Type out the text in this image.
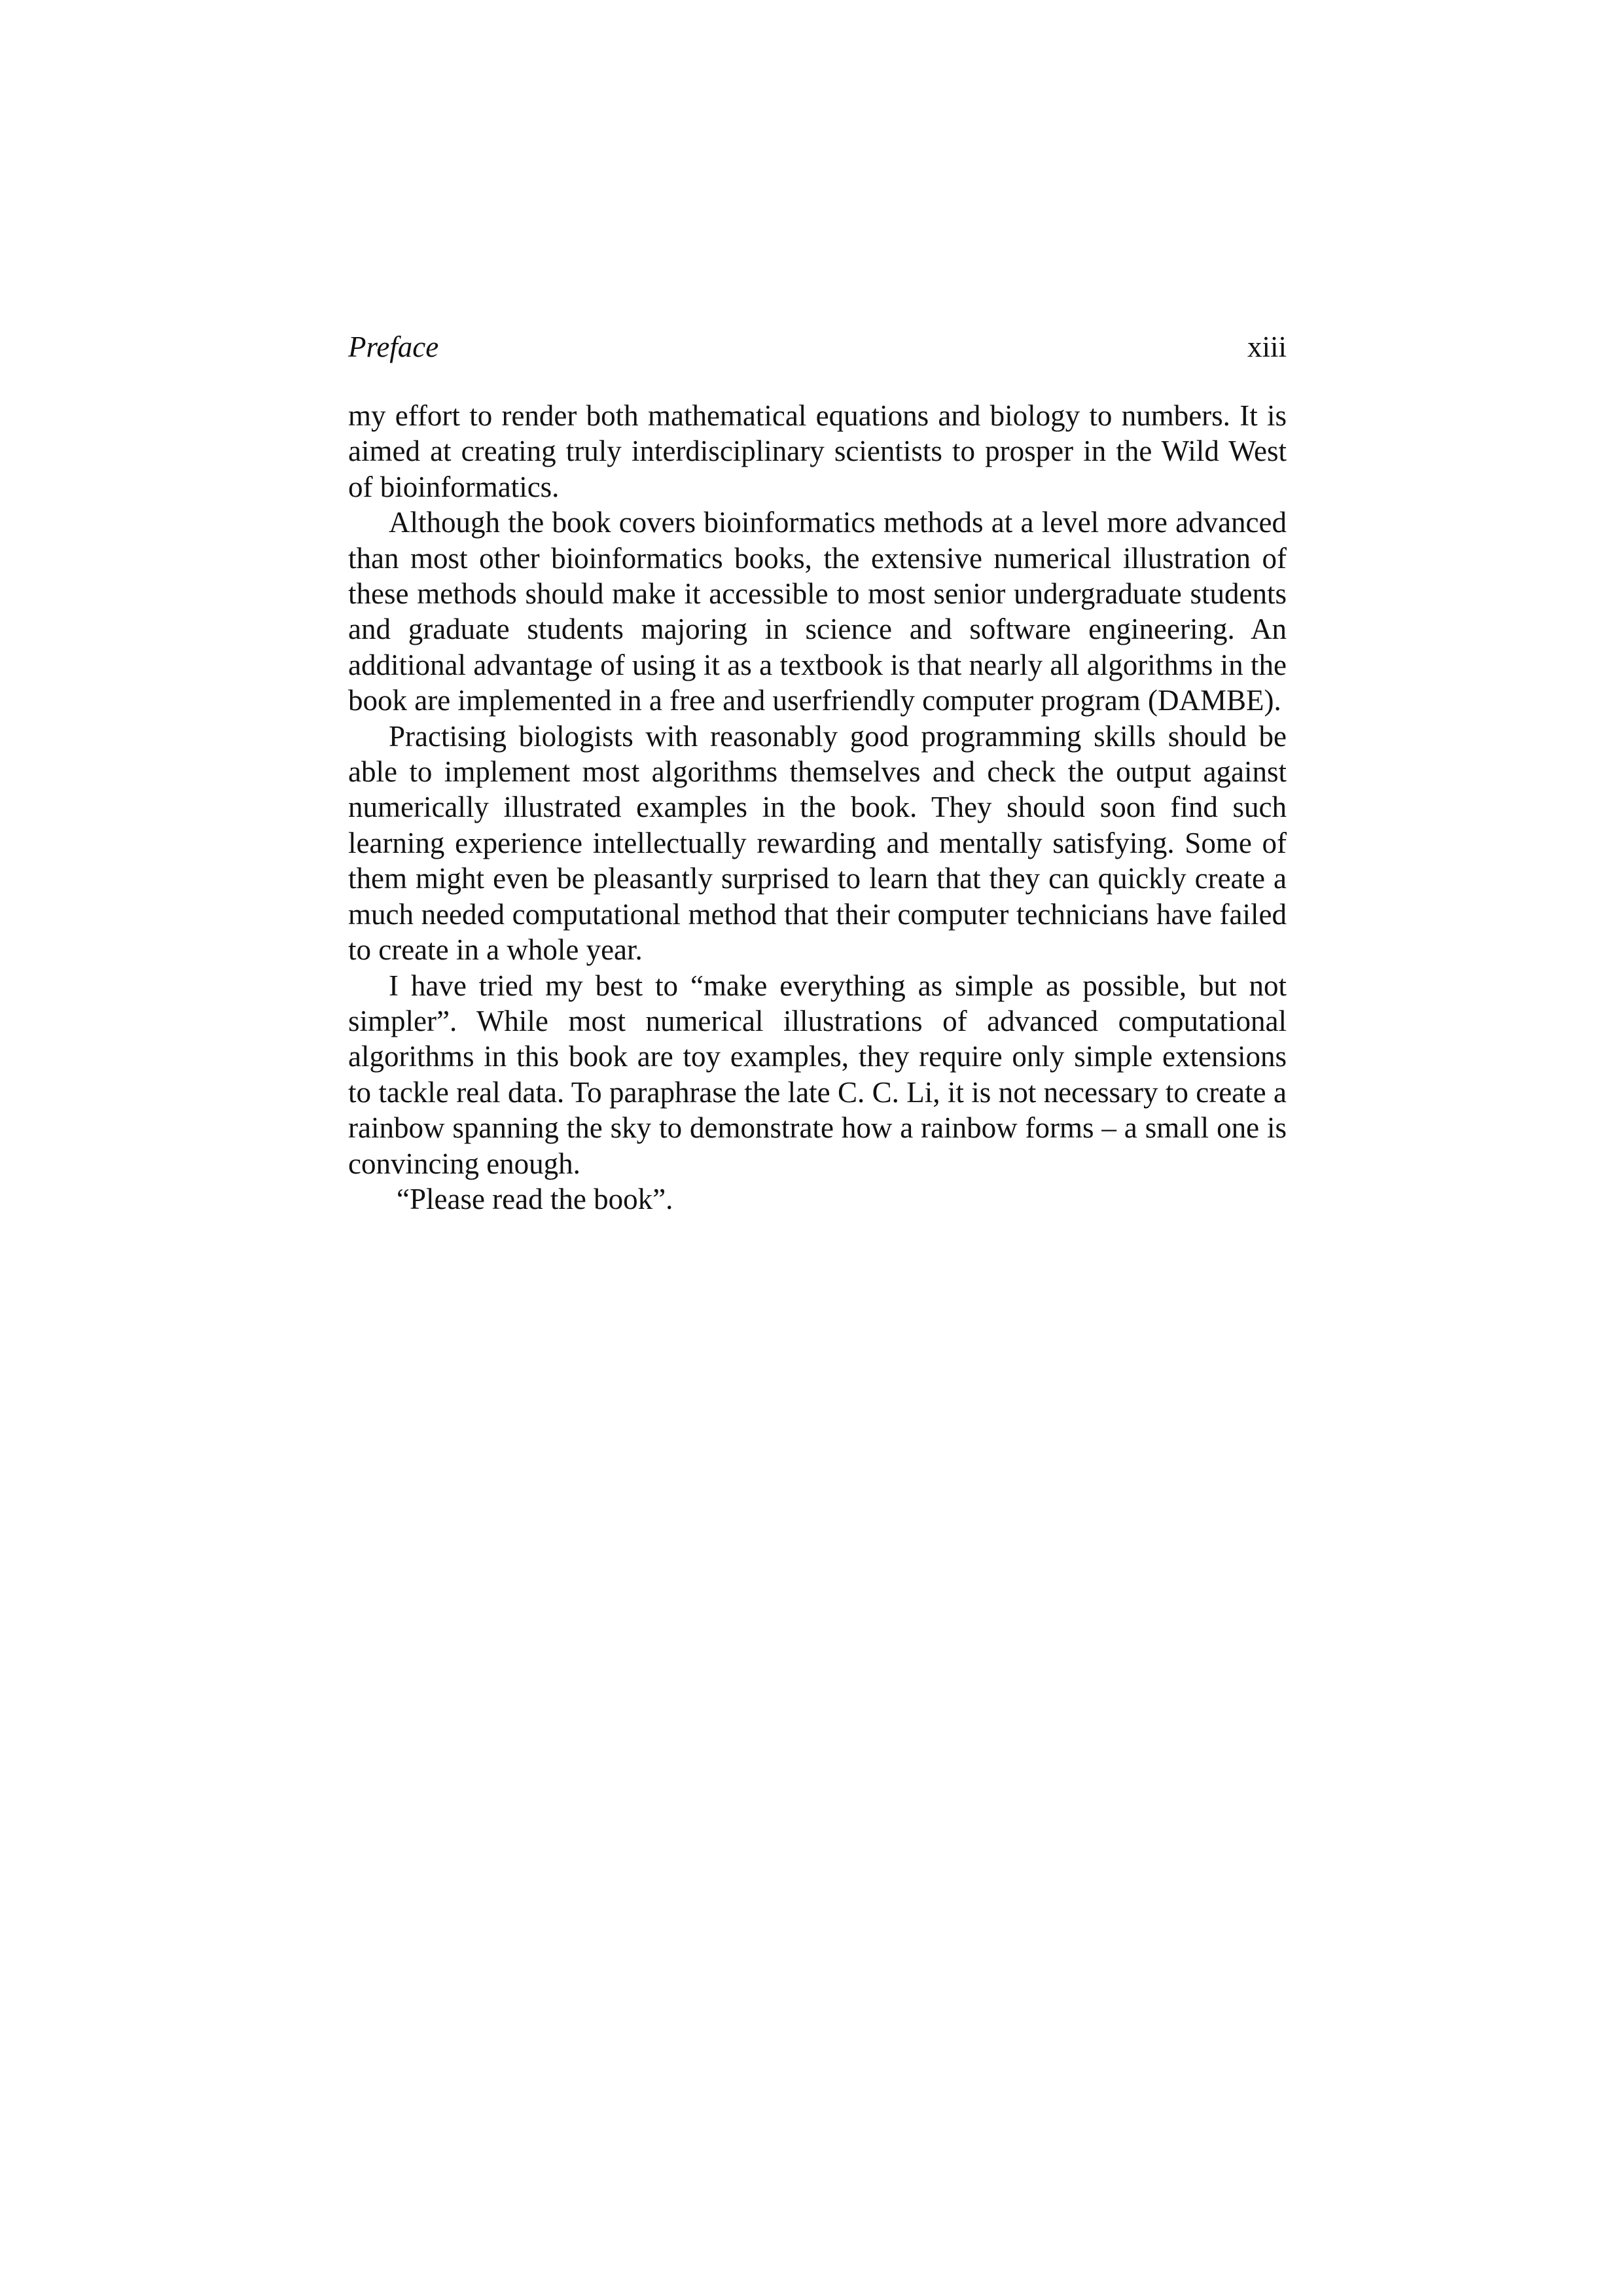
Preface	xiii

my effort to render both mathematical equations and biology to numbers. It is aimed at creating truly interdisciplinary scientists to prosper in the Wild West of bioinformatics.

Although the book covers bioinformatics methods at a level more advanced than most other bioinformatics books, the extensive numerical illustration of these methods should make it accessible to most senior undergraduate students and graduate students majoring in science and software engineering. An additional advantage of using it as a textbook is that nearly all algorithms in the book are implemented in a free and userfriendly computer program (DAMBE).

Practising biologists with reasonably good programming skills should be able to implement most algorithms themselves and check the output against numerically illustrated examples in the book. They should soon find such learning experience intellectually rewarding and mentally satisfying. Some of them might even be pleasantly surprised to learn that they can quickly create a much needed computational method that their computer technicians have failed to create in a whole year.

I have tried my best to “make everything as simple as possible, but not simpler”. While most numerical illustrations of advanced computational algorithms in this book are toy examples, they require only simple extensions to tackle real data. To paraphrase the late C. C. Li, it is not necessary to create a rainbow spanning the sky to demonstrate how a rainbow forms – a small one is convincing enough.

“Please read the book”.
